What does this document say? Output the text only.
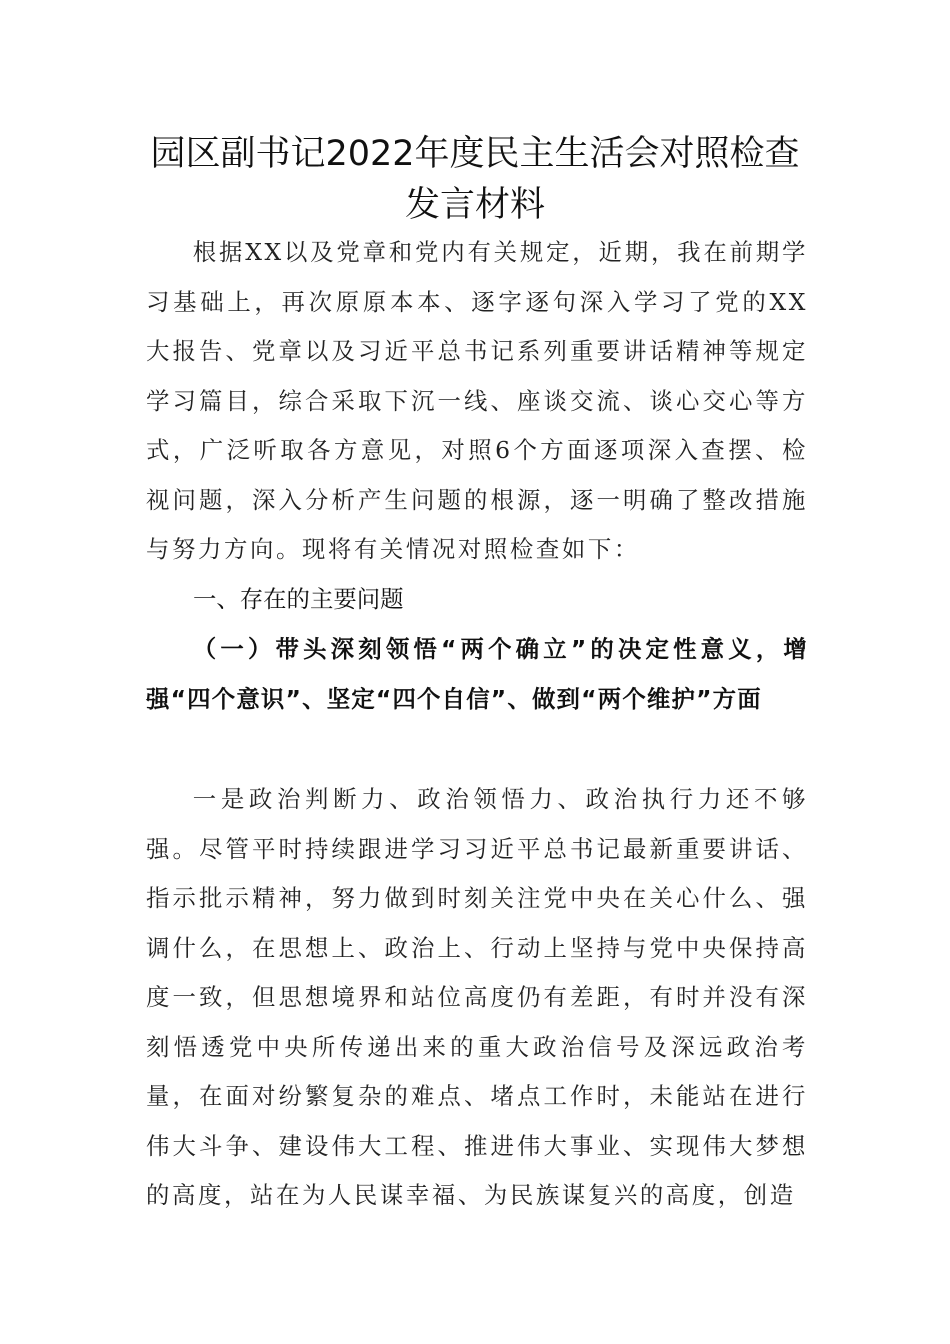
园区副书记2022年度民主生活会对照检查
发言材料

根据XX以及党章和党内有关规定，近期，我在前期学习基础上，再次原原本本、逐字逐句深入学习了党的XX大报告、党章以及习近平总书记系列重要讲话精神等规定学习篇目，综合采取下沉一线、座谈交流、谈心交心等方式，广泛听取各方意见，对照6个方面逐项深入查摆、检视问题，深入分析产生问题的根源，逐一明确了整改措施与努力方向。现将有关情况对照检查如下：

一、存在的主要问题

（一）带头深刻领悟“两个确立”的决定性意义，增强“四个意识”、坚定“四个自信”、做到“两个维护”方面

一是政治判断力、政治领悟力、政治执行力还不够强。尽管平时持续跟进学习习近平总书记最新重要讲话、指示批示精神，努力做到时刻关注党中央在关心什么、强调什么，在思想上、政治上、行动上坚持与党中央保持高度一致，但思想境界和站位高度仍有差距，有时并没有深刻悟透党中央所传递出来的重大政治信号及深远政治考量，在面对纷繁复杂的难点、堵点工作时，未能站在进行伟大斗争、建设伟大工程、推进伟大事业、实现伟大梦想的高度，站在为人民谋幸福、为民族谋复兴的高度，创造
